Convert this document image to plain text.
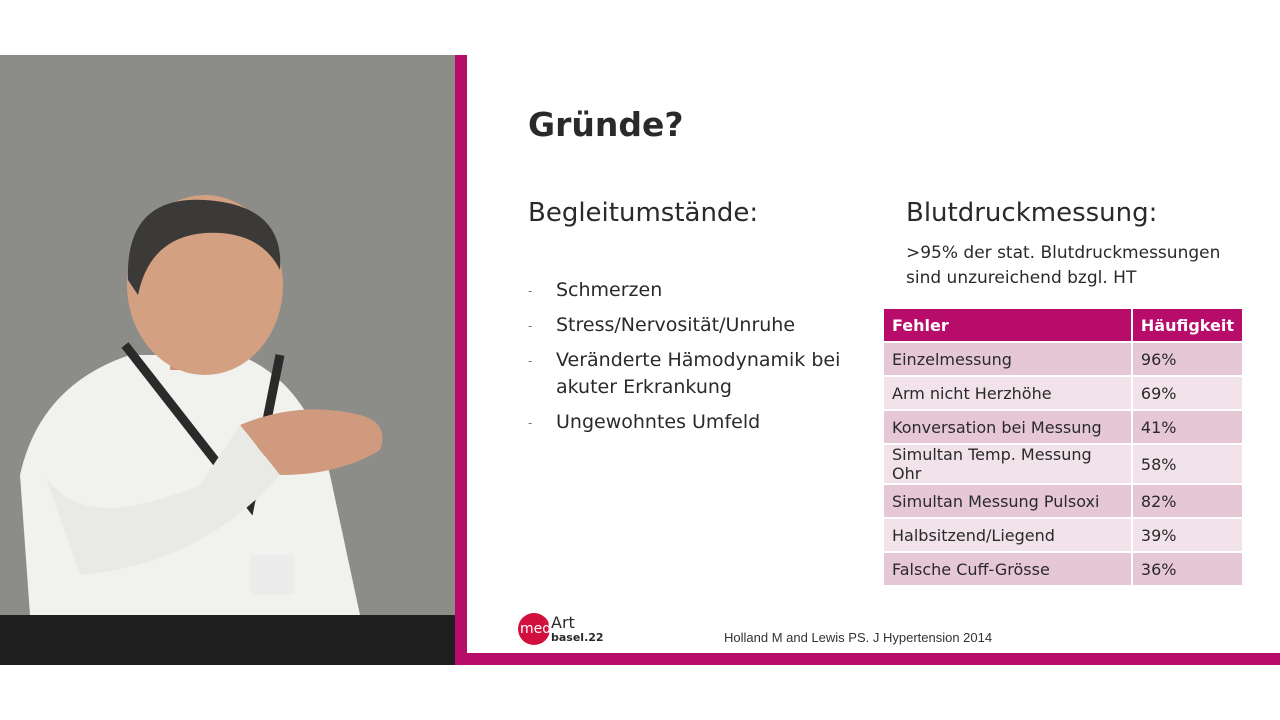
Gründe?
Begleitumstände:
- Schmerzen
- Stress/Nervosität/Unruhe
- Veränderte Hämodynamik bei akuter Erkrankung
- Ungewohntes Umfeld
Blutdruckmessung:
>95% der stat. Blutdruckmessungen sind unzureichend bzgl. HT
Fehler	Häufigkeit
Einzelmessung	96%
Arm nicht Herzhöhe	69%
Konversation bei Messung	41%
Simultan Temp. Messung Ohr	58%
Simultan Messung Pulsoxi	82%
Halbsitzend/Liegend	39%
Falsche Cuff-Grösse	36%
med Art
basel.22	Holland M and Lewis PS. J Hypertension 2014
